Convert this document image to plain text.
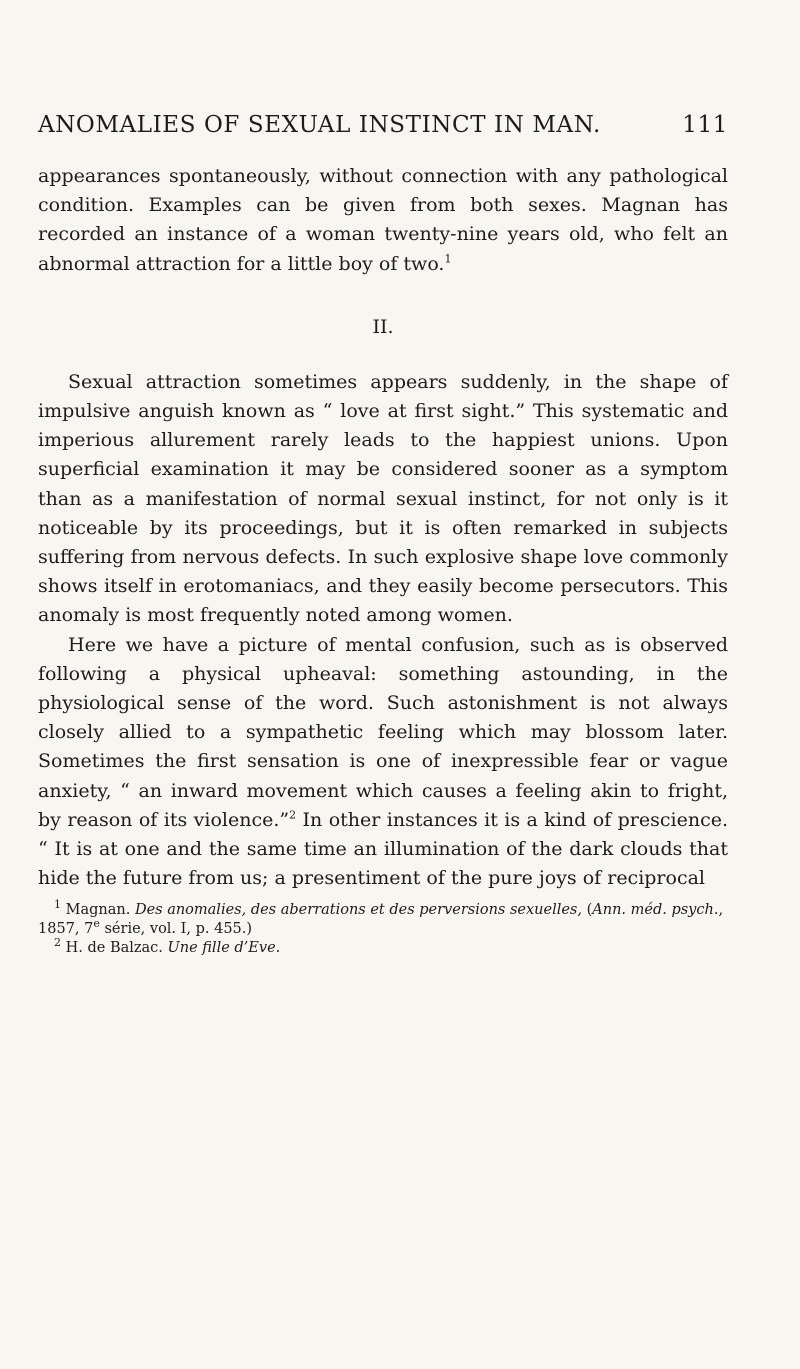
ANOMALIES OF SEXUAL INSTINCT IN MAN.	111

appearances spontaneously, without connection with any pathological condition. Examples can be given from both sexes. Magnan has recorded an instance of a woman twenty-nine years old, who felt an abnormal attraction for a little boy of two.$^1$

II.

Sexual attraction sometimes appears suddenly, in the shape of impulsive anguish known as “ love at first sight.” This systematic and imperious allurement rarely leads to the happiest unions. Upon superficial examination it may be considered sooner as a symptom than as a manifestation of normal sexual instinct, for not only is it noticeable by its proceedings, but it is often remarked in subjects suffering from nervous defects. In such explosive shape love commonly shows itself in erotomaniacs, and they easily become persecutors. This anomaly is most frequently noted among women.

Here we have a picture of mental confusion, such as is observed following a physical upheaval: something astounding, in the physiological sense of the word. Such astonishment is not always closely allied to a sympathetic feeling which may blossom later. Sometimes the first sensation is one of inexpressible fear or vague anxiety, “ an inward movement which causes a feeling akin to fright, by reason of its violence.”$^2$ In other instances it is a kind of prescience. “ It is at one and the same time an illumination of the dark clouds that hide the future from us; a presentiment of the pure joys of reciprocal

$^1$ Magnan. Des anomalies, des aberrations et des perversions sexuelles, (Ann. méd. psych., 1857, 7e série, vol. I, p. 455.)
$^2$ H. de Balzac. Une fille d’Eve.
